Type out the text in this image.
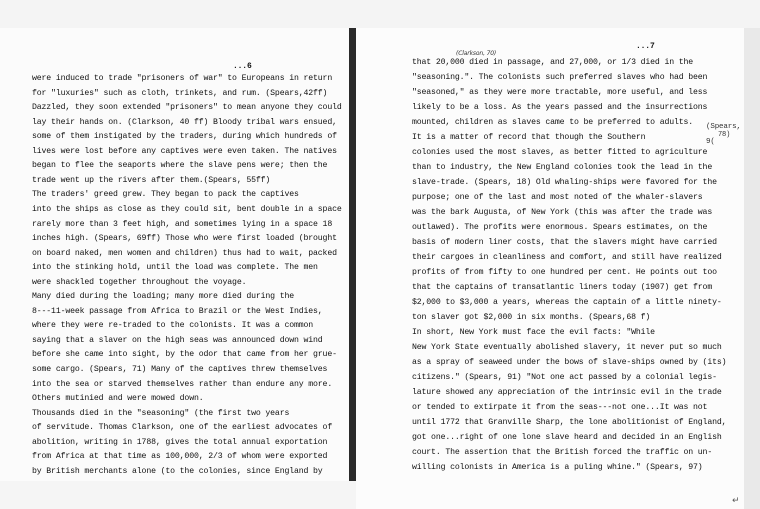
...6
were induced to trade "prisoners of war" to Europeans in return
for "luxuries" such as cloth, trinkets, and rum. (Spears,42ff)
Dazzled, they soon extended "prisoners" to mean anyone they could
lay their hands on. (Clarkson, 40 ff) Bloody tribal wars ensued,
some of them instigated by the traders, during which hundreds of
lives were lost before any captives were even taken. The natives
began to flee the seaports where the slave pens were; then the
trade went up the rivers after them.(Spears, 55ff)
The traders' greed grew. They began to pack the captives
into the ships as close as they could sit, bent double in a space
rarely more than 3 feet high, and sometimes lying in a space 18
inches high. (Spears, 69ff) Those who were first loaded (brought
on board naked, men women and children) thus had to wait, packed
into the stinking hold, until the load was complete. The men
were shackled together throughout the voyage.
Many died during the loading; many more died during the
8---11-week passage from Africa to Brazil or the West Indies,
where they were re-traded to the colonists. It was a common
saying that a slaver on the high seas was announced down wind
before she came into sight, by the odor that came from her grue-
some cargo. (Spears, 71) Many of the captives threw themselves
into the sea or starved themselves rather than endure any more.
Others mutinied and were mowed down.
Thousands died in the "seasoning" (the first two years
of servitude. Thomas Clarkson, one of the earliest advocates of
abolition, writing in 1788, gives the total annual exportation
from Africa at that time as 100,000, 2/3 of whom were exported
by British merchants alone (to the colonies, since England by
...7
(Clarkson, 70)
(Spears, 9(
78)
that 20,000 died in passage, and 27,000, or 1/3 died in the
"seasoning.". The colonists such preferred slaves who had been
"seasoned," as they were more tractable, more useful, and less
likely to be a loss. As the years passed and the insurrections
mounted, children as slaves came to be preferred to adults.
It is a matter of record that though the Southern
colonies used the most slaves, as better fitted to agriculture
than to industry, the New England colonies took the lead in the
slave-trade. (Spears, 18) Old whaling-ships were favored for the
purpose; one of the last and most noted of the whaler-slavers
was the bark Augusta, of New York (this was after the trade was
outlawed). The profits were enormous. Spears estimates, on the
basis of modern liner costs, that the slavers might have carried
their cargoes in cleanliness and comfort, and still have realized
profits of from fifty to one hundred per cent. He points out too
that the captains of transatlantic liners today (1907) get from
$2,000 to $3,000 a years, whereas the captain of a little ninety-
ton slaver got $2,000 in six months. (Spears,68 f)
In short, New York must face the evil facts: "While
New York State eventually abolished slavery, it never put so much
as a spray of seaweed under the bows of slave-ships owned by (its)
citizens." (Spears, 91) "Not one act passed by a colonial legis-
lature showed any appreciation of the intrinsic evil in the trade
or tended to extirpate it from the seas---not one...It was not
until 1772 that Granville Sharp, the lone abolitionist of England,
got one...right of one lone slave heard and decided in an English
court. The assertion that the British forced the traffic on un-
willing colonists in America is a puling whine." (Spears, 97)
↵
